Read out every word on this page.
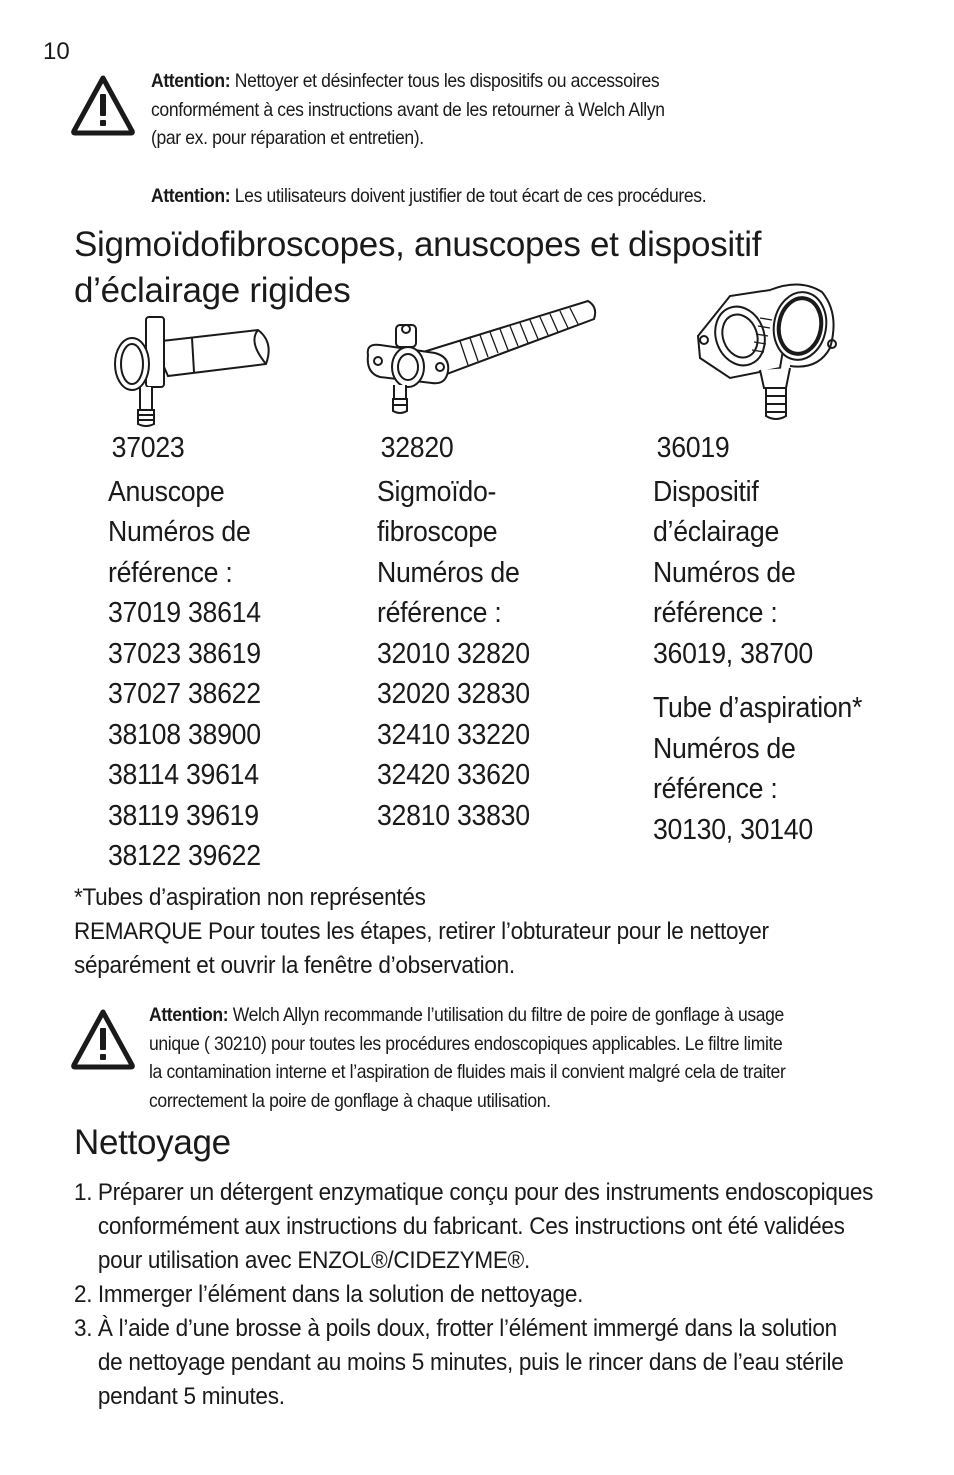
10
Attention: Nettoyer et désinfecter tous les dispositifs ou accessoires
conformément à ces instructions avant de les retourner à Welch Allyn
(par ex. pour réparation et entretien).
Attention: Les utilisateurs doivent justifier de tout écart de ces procédures.
Sigmoïdofibroscopes, anuscopes et dispositif
d’éclairage rigides
37023
Anuscope
Numéros de
référence :
37019 38614
37023 38619
37027 38622
38108 38900
38114 39614
38119 39619
38122 39622
32820
Sigmoïdo-
fibroscope
Numéros de
référence :
32010 32820
32020 32830
32410 33220
32420 33620
32810 33830
36019
Dispositif
d’éclairage
Numéros de
référence :
36019, 38700
Tube d’aspiration*
Numéros de
référence :
30130, 30140
*Tubes d’aspiration non représentés
REMARQUE Pour toutes les étapes, retirer l’obturateur pour le nettoyer
séparément et ouvrir la fenêtre d’observation.
Attention: Welch Allyn recommande l’utilisation du filtre de poire de gonflage à usage
unique ( 30210) pour toutes les procédures endoscopiques applicables. Le filtre limite
la contamination interne et l’aspiration de fluides mais il convient malgré cela de traiter
correctement la poire de gonflage à chaque utilisation.
Nettoyage
1. Préparer un détergent enzymatique conçu pour des instruments endoscopiques
conformément aux instructions du fabricant. Ces instructions ont été validées
pour utilisation avec ENZOL®/CIDEZYME®.
2. Immerger l’élément dans la solution de nettoyage.
3. À l’aide d’une brosse à poils doux, frotter l’élément immergé dans la solution
de nettoyage pendant au moins 5 minutes, puis le rincer dans de l’eau stérile
pendant 5 minutes.
